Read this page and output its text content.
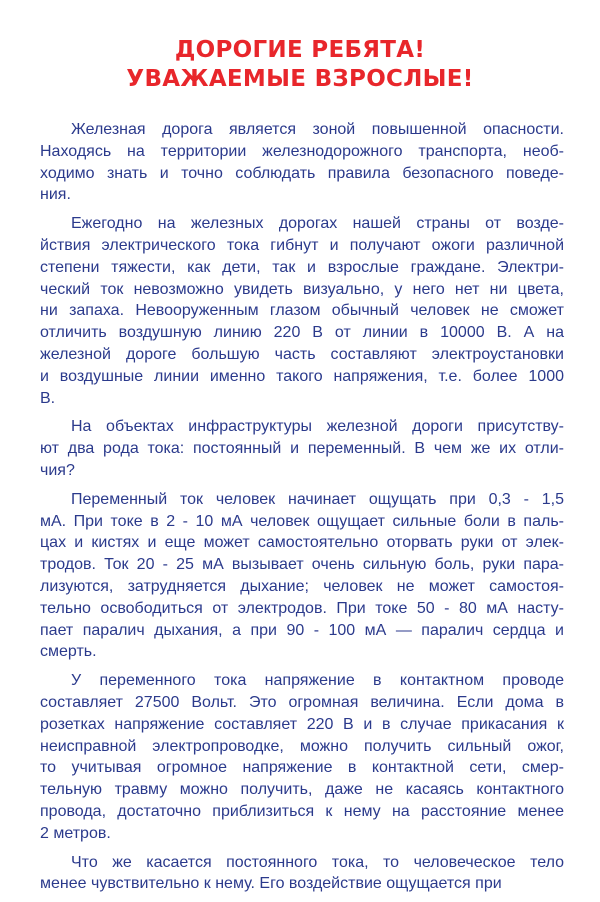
ДОРОГИЕ РЕБЯТА!
УВАЖАЕМЫЕ ВЗРОСЛЫЕ!

Железная дорога является зоной повышенной опасности.
Находясь на территории железнодорожного транспорта, необ-
ходимо знать и точно соблюдать правила безопасного поведе-
ния.

Ежегодно на железных дорогах нашей страны от возде-
йствия электрического тока гибнут и получают ожоги различной
степени тяжести, как дети, так и взрослые граждане. Электри-
ческий ток невозможно увидеть визуально, у него нет ни цвета,
ни запаха. Невооруженным глазом обычный человек не сможет
отличить воздушную линию 220 В от линии в 10000 В. А на
железной дороге большую часть составляют электроустановки
и воздушные линии именно такого напряжения, т.е. более 1000
В.

На объектах инфраструктуры железной дороги присутству-
ют два рода тока: постоянный и переменный. В чем же их отли-
чия?

Переменный ток человек начинает ощущать при 0,3 - 1,5
мА. При токе в 2 - 10 мА человек ощущает сильные боли в паль-
цах и кистях и еще может самостоятельно оторвать руки от элек-
тродов. Ток 20 - 25 мА вызывает очень сильную боль, руки пара-
лизуются, затрудняется дыхание; человек не может самостоя-
тельно освободиться от электродов. При токе 50 - 80 мА насту-
пает паралич дыхания, а при 90 - 100 мА — паралич сердца и
смерть.

У переменного тока напряжение в контактном проводе
составляет 27500 Вольт. Это огромная величина. Если дома в
розетках напряжение составляет 220 В и в случае прикасания к
неисправной электропроводке, можно получить сильный ожог,
то учитывая огромное напряжение в контактной сети, смер-
тельную травму можно получить, даже не касаясь контактного
провода, достаточно приблизиться к нему на расстояние менее
2 метров.

Что же касается постоянного тока, то человеческое тело
менее чувствительно к нему. Его воздействие ощущается при
